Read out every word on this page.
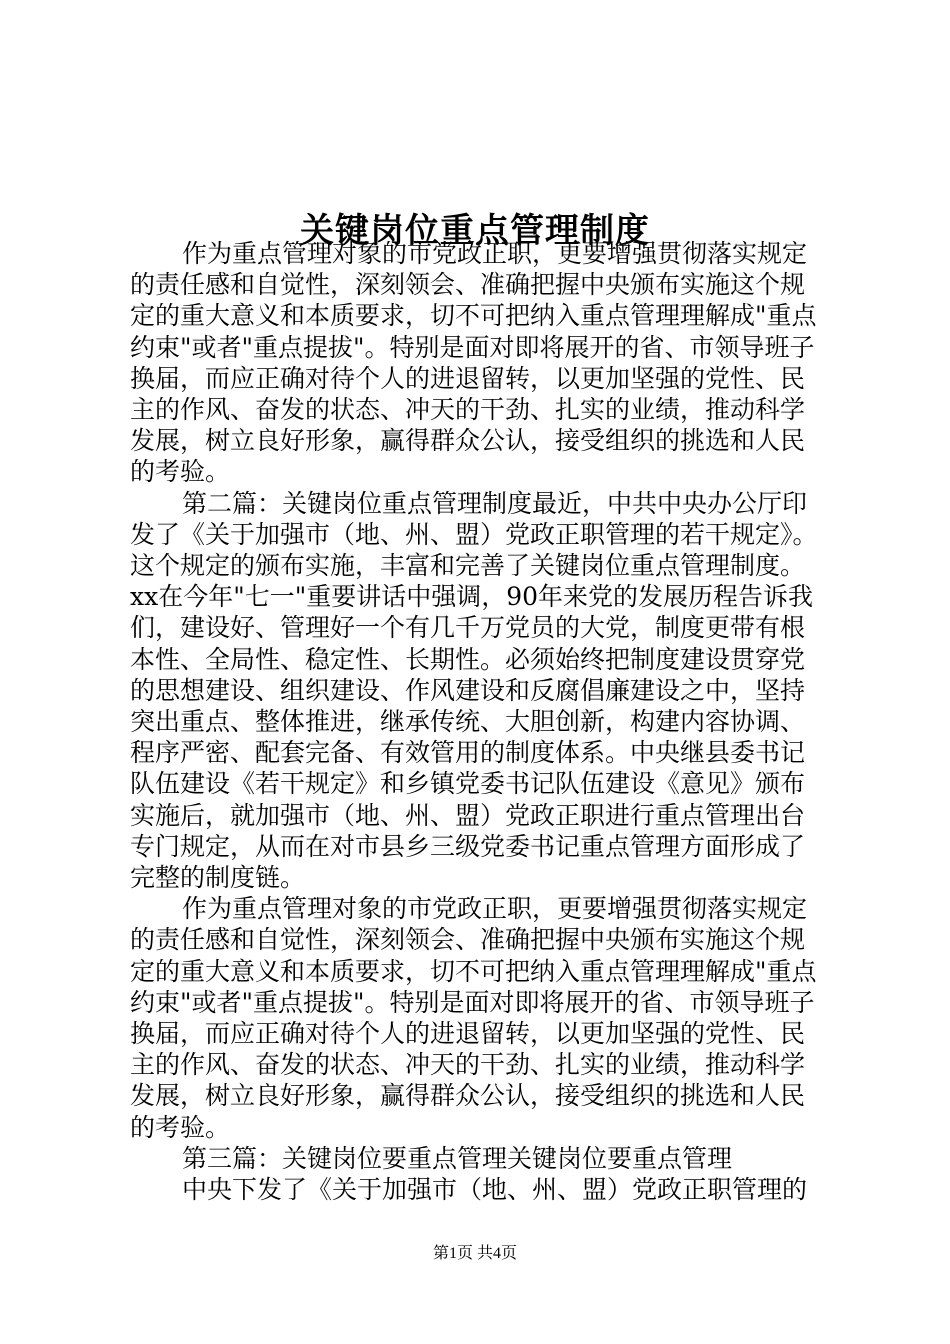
关键岗位重点管理制度
作为重点管理对象的市党政正职，更要增强贯彻落实规定
的责任感和自觉性，深刻领会、准确把握中央颁布实施这个规
定的重大意义和本质要求，切不可把纳入重点管理理解成"重点
约束"或者"重点提拔"。特别是面对即将展开的省、市领导班子
换届，而应正确对待个人的进退留转，以更加坚强的党性、民
主的作风、奋发的状态、冲天的干劲、扎实的业绩，推动科学
发展，树立良好形象，赢得群众公认，接受组织的挑选和人民
的考验。
第二篇：关键岗位重点管理制度最近，中共中央办公厅印
发了《关于加强市（地、州、盟）党政正职管理的若干规定》。
这个规定的颁布实施，丰富和完善了关键岗位重点管理制度。
xx在今年"七一"重要讲话中强调，90年来党的发展历程告诉我
们，建设好、管理好一个有几千万党员的大党，制度更带有根
本性、全局性、稳定性、长期性。必须始终把制度建设贯穿党
的思想建设、组织建设、作风建设和反腐倡廉建设之中，坚持
突出重点、整体推进，继承传统、大胆创新，构建内容协调、
程序严密、配套完备、有效管用的制度体系。中央继县委书记
队伍建设《若干规定》和乡镇党委书记队伍建设《意见》颁布
实施后，就加强市（地、州、盟）党政正职进行重点管理出台
专门规定，从而在对市县乡三级党委书记重点管理方面形成了
完整的制度链。
作为重点管理对象的市党政正职，更要增强贯彻落实规定
的责任感和自觉性，深刻领会、准确把握中央颁布实施这个规
定的重大意义和本质要求，切不可把纳入重点管理理解成"重点
约束"或者"重点提拔"。特别是面对即将展开的省、市领导班子
换届，而应正确对待个人的进退留转，以更加坚强的党性、民
主的作风、奋发的状态、冲天的干劲、扎实的业绩，推动科学
发展，树立良好形象，赢得群众公认，接受组织的挑选和人民
的考验。
第三篇：关键岗位要重点管理关键岗位要重点管理
中央下发了《关于加强市（地、州、盟）党政正职管理的
第1页 共4页
